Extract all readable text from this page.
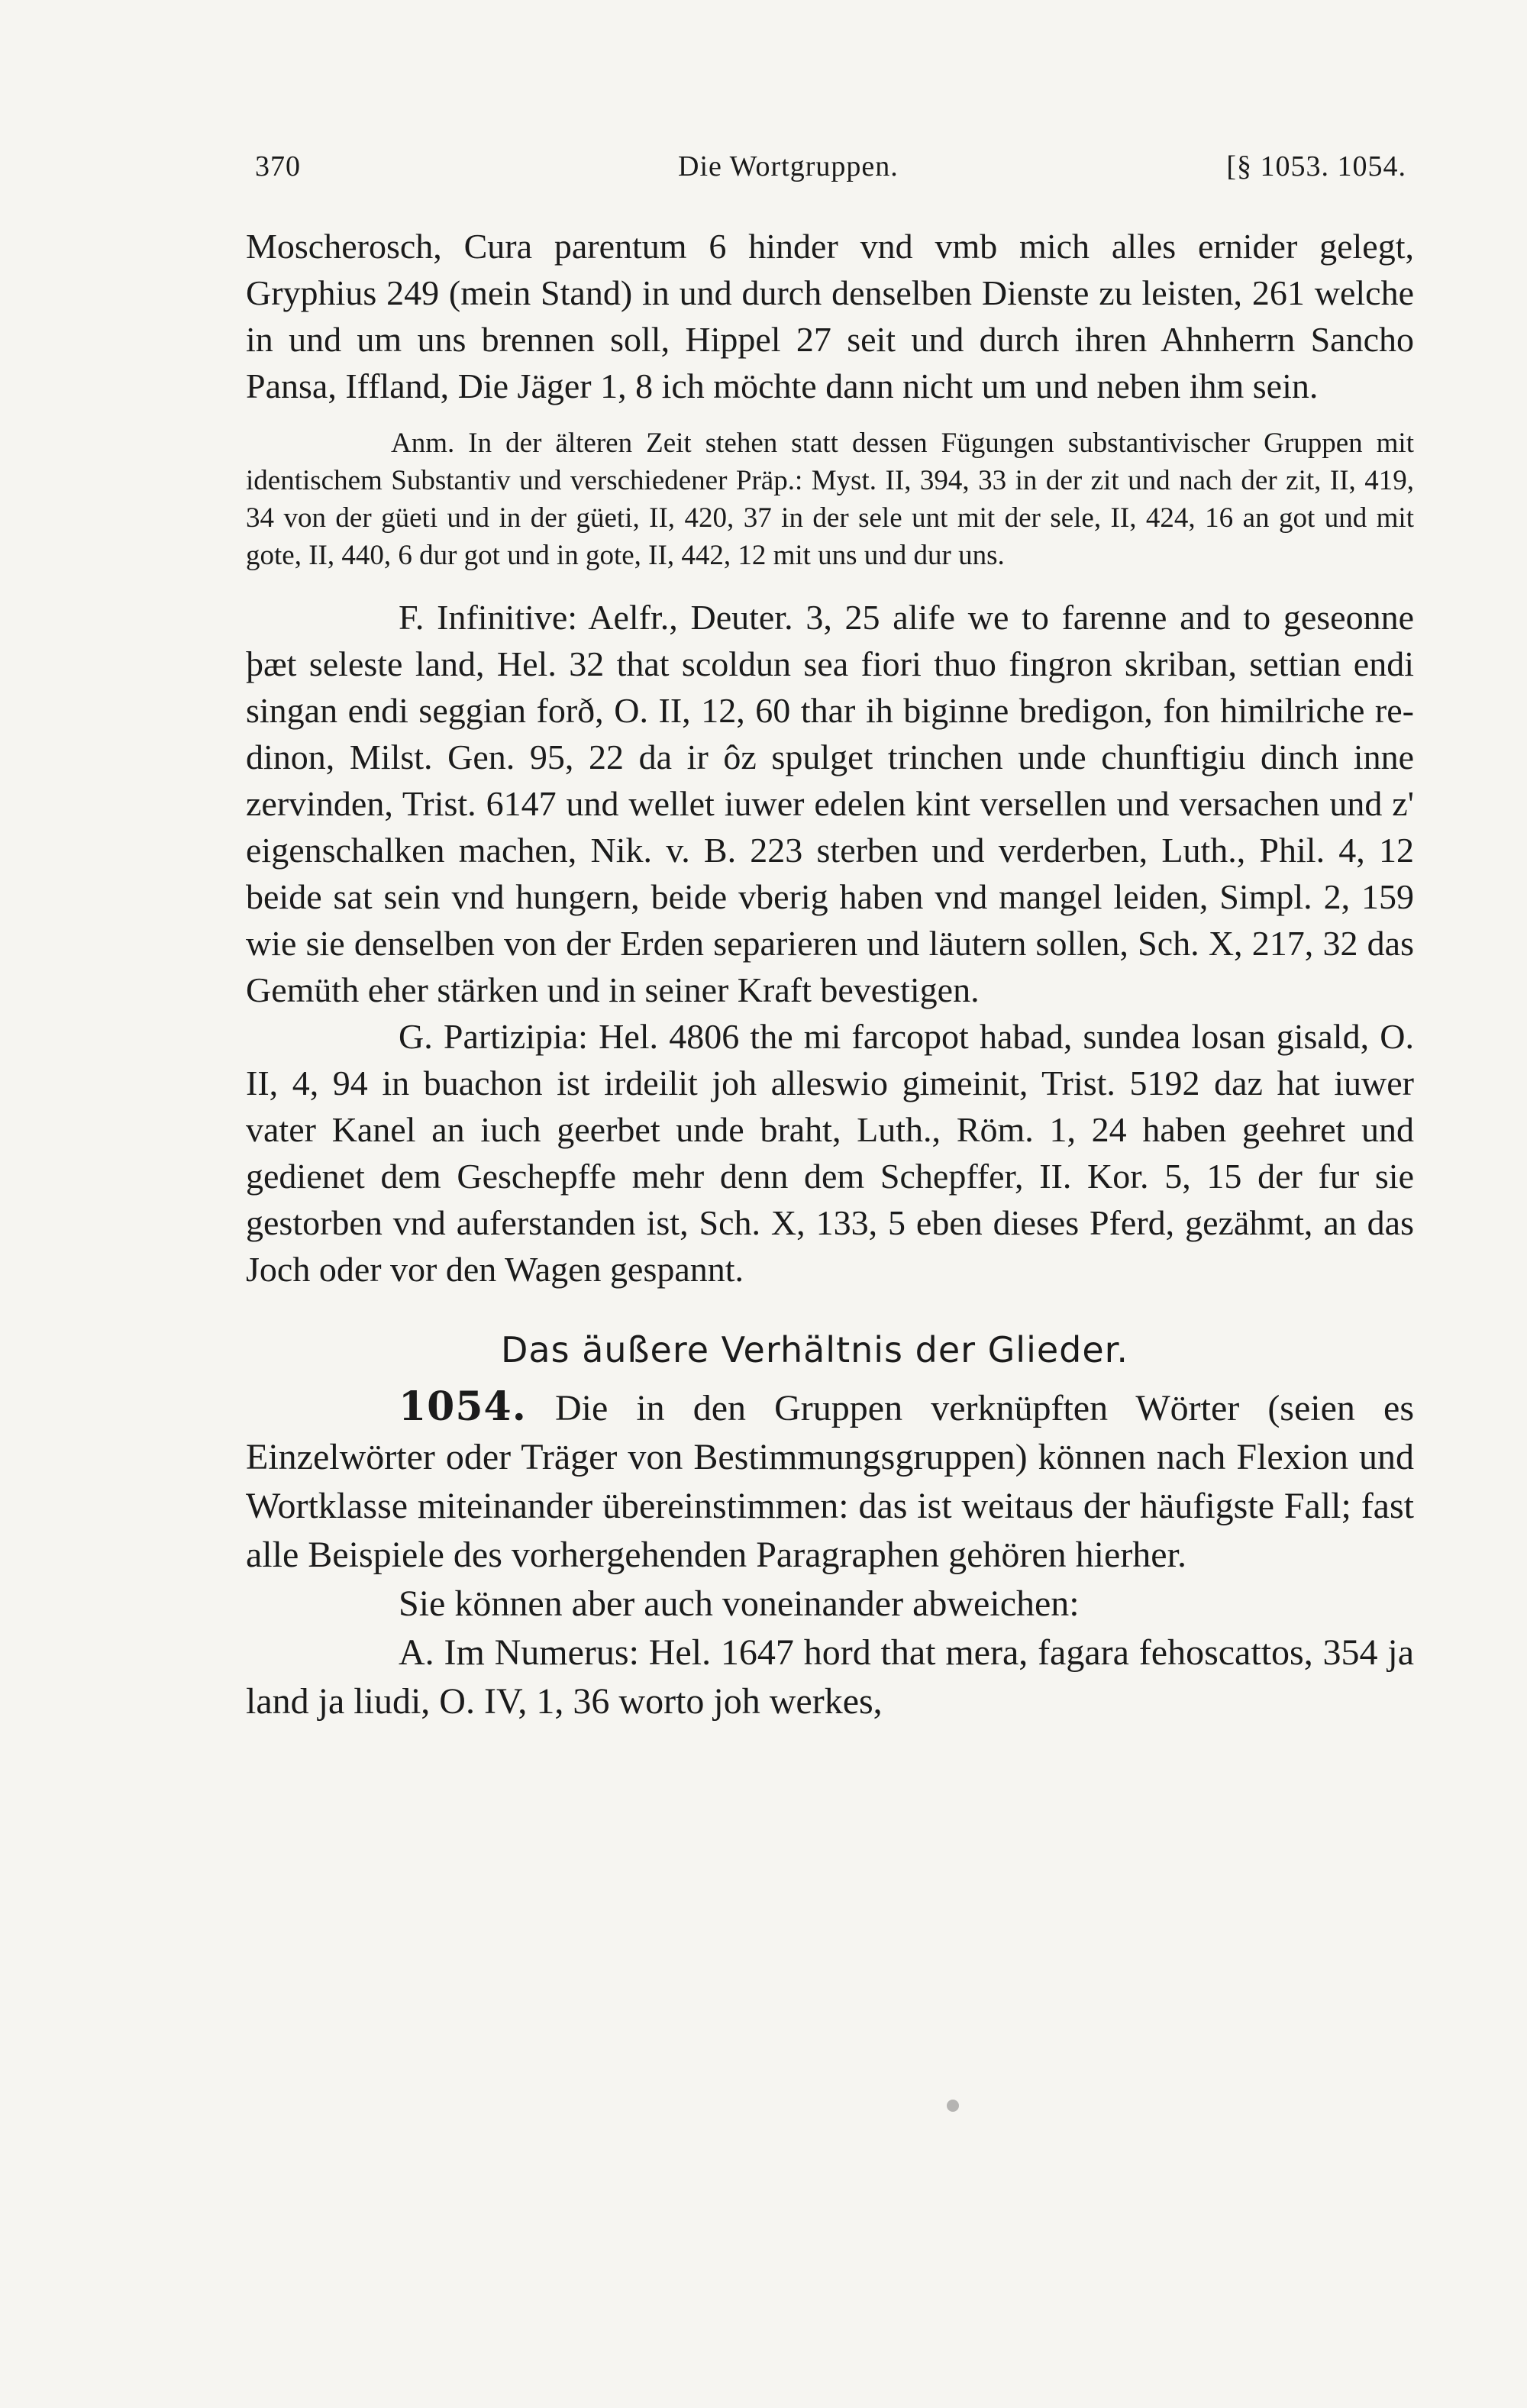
370	Die Wortgruppen.	[§ 1053. 1054.

Moscherosch, Cura parentum 6 hinder vnd vmb mich alles ernider gelegt, Gryphius 249 (mein Stand) in und durch denselben Dienste zu leisten, 261 welche in und um uns brennen soll, Hippel 27 seit und durch ihren Ahnherrn Sancho Pansa, Iffland, Die Jäger 1, 8 ich möchte dann nicht um und neben ihm sein.

Anm. In der älteren Zeit stehen statt dessen Fügungen substantivischer Gruppen mit identischem Substantiv und verschiedener Präp.: Myst. II, 394, 33 in der zit und nach der zit, II, 419, 34 von der güeti und in der güeti, II, 420, 37 in der sele unt mit der sele, II, 424, 16 an got und mit gote, II, 440, 6 dur got und in gote, II, 442, 12 mit uns und dur uns.

F. Infinitive: Aelfr., Deuter. 3, 25 alife we to farenne and to geseonne þæt seleste land, Hel. 32 that scoldun sea fiori thuo fingron skriban, settian endi singan endi seggian forð, O. II, 12, 60 thar ih biginne bredigon, fon himilriche redinon, Milst. Gen. 95, 22 da ir ôz spulget trinchen unde chunftigiu dinch inne zervinden, Trist. 6147 und wellet iuwer edelen kint versellen und versachen und z' eigenschalken machen, Nik. v. B. 223 sterben und verderben, Luth., Phil. 4, 12 beide sat sein vnd hungern, beide vberig haben vnd mangel leiden, Simpl. 2, 159 wie sie denselben von der Erden separieren und läutern sollen, Sch. X, 217, 32 das Gemüth eher stärken und in seiner Kraft bevestigen.

G. Partizipia: Hel. 4806 the mi farcopot habad, sundea losan gisald, O. II, 4, 94 in buachon ist irdeilit joh alleswio gimeinit, Trist. 5192 daz hat iuwer vater Kanel an iuch geerbet unde braht, Luth., Röm. 1, 24 haben geehret und gedienet dem Geschepffe mehr denn dem Schepffer, II. Kor. 5, 15 der fur sie gestorben vnd auferstanden ist, Sch. X, 133, 5 eben dieses Pferd, gezähmt, an das Joch oder vor den Wagen gespannt.

Das äußere Verhältnis der Glieder.

1054. Die in den Gruppen verknüpften Wörter (seien es Einzelwörter oder Träger von Bestimmungsgruppen) können nach Flexion und Wortklasse miteinander übereinstimmen: das ist weitaus der häufigste Fall; fast alle Beispiele des vorhergehenden Paragraphen gehören hierher.

Sie können aber auch voneinander abweichen:

A. Im Numerus: Hel. 1647 hord that mera, fagara fehoscattos, 354 ja land ja liudi, O. IV, 1, 36 worto joh werkes,
